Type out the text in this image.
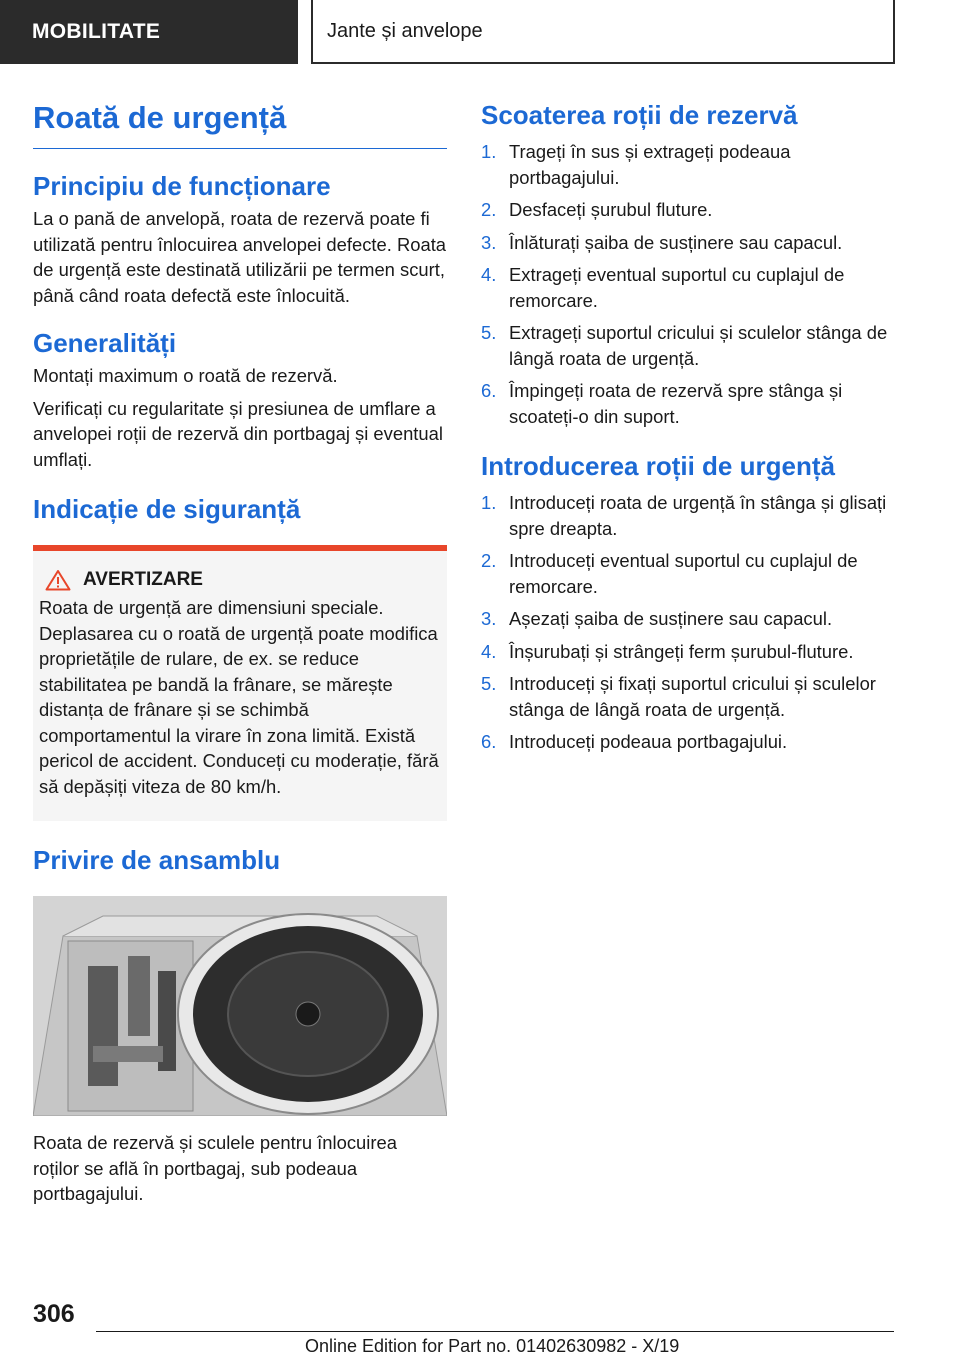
MOBILITATE	Jante și anvelope
Roată de urgență
Principiu de funcționare

La o pană de anvelopă, roata de rezervă poate fi utilizată pentru înlocuirea anvelopei defecte. Roata de urgență este destinată utilizării pe termen scurt, până când roata defectă este înlocuită.

Generalități

Montați maximum o roată de rezervă.

Verificați cu regularitate și presiunea de umflare a anvelopei roții de rezervă din portbagaj și eventual umflați.

Indicație de siguranță
AVERTIZARE

Roata de urgență are dimensiuni speciale. Deplasarea cu o roată de urgență poate modifica proprietățile de rulare, de ex. se reduce stabilitatea pe bandă la frânare, se mărește distanța de frânare și se schimbă comportamentul la virare în zona limită. Există pericol de accident. Conduceți cu moderație, fără să depășiți viteza de 80 km/h.

Privire de ansamblu

Roata de rezervă și sculele pentru înlocuirea roților se află în portbagaj, sub podeaua portbagajului.

Scoaterea roții de rezervă
1. Trageți în sus și extrageți podeaua portbagajului.
2. Desfaceți șurubul fluture.
3. Înlăturați șaiba de susținere sau capacul.
4. Extrageți eventual suportul cu cuplajul de remorcare.
5. Extrageți suportul cricului și sculelor stânga de lângă roata de urgență.
6. Împingeți roata de rezervă spre stânga și scoateți-o din suport.
Introducerea roții de urgență
1. Introduceți roata de urgență în stânga și glisați spre dreapta.
2. Introduceți eventual suportul cu cuplajul de remorcare.
3. Așezați șaiba de susținere sau capacul.
4. Înșurubați și strângeți ferm șurubul-fluture.
5. Introduceți și fixați suportul cricului și sculelor stânga de lângă roata de urgență.
6. Introduceți podeaua portbagajului.
306
Online Edition for Part no. 01402630982 - X/19
